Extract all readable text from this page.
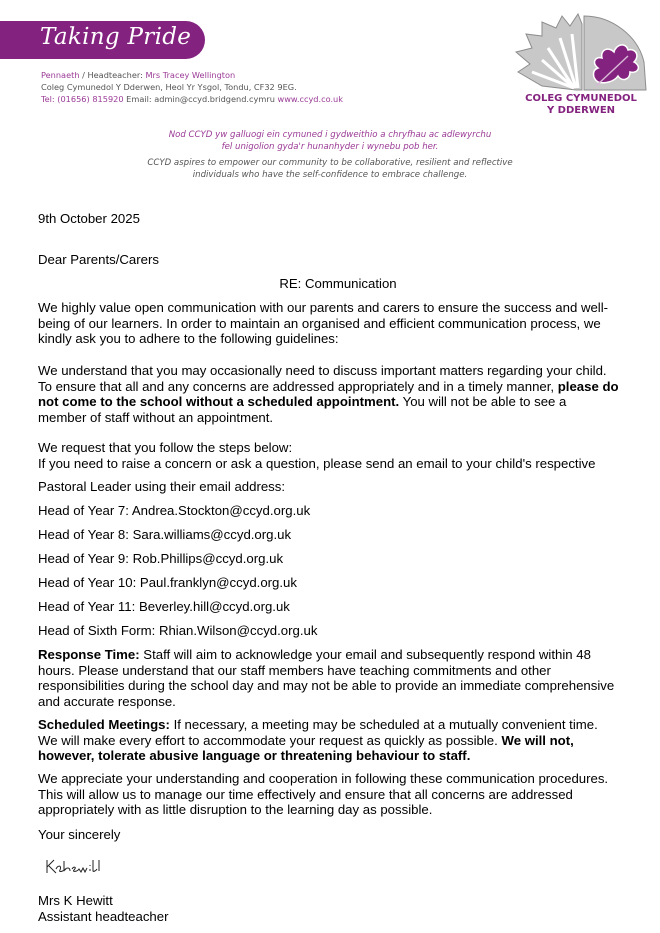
Taking Pride
Pennaeth / Headteacher: Mrs Tracey Wellington
Coleg Cymunedol Y Dderwen, Heol Yr Ysgol, Tondu, CF32 9EG.
Tel: (01656) 815920 Email: admin@ccyd.bridgend.cymru www.ccyd.co.uk	COLEG CYMUNEDOL
Y DDERWEN
Nod CCYD yw galluogi ein cymuned i gydweithio a chryfhau ac adlewyrchu
fel unigolion gyda'r hunanhyder i wynebu pob her.
CCYD aspires to empower our community to be collaborative, resilient and reflective
individuals who have the self-confidence to embrace challenge.
9th October 2025
Dear Parents/Carers
RE: Communication
We highly value open communication with our parents and carers to ensure the success and well-
being of our learners. In order to maintain an organised and efficient communication process, we
kindly ask you to adhere to the following guidelines:
We understand that you may occasionally need to discuss important matters regarding your child.
To ensure that all and any concerns are addressed appropriately and in a timely manner, please do
not come to the school without a scheduled appointment. You will not be able to see a
member of staff without an appointment.
We request that you follow the steps below:
If you need to raise a concern or ask a question, please send an email to your child's respective
Pastoral Leader using their email address:
Head of Year 7: Andrea.Stockton@ccyd.org.uk
Head of Year 8: Sara.williams@ccyd.org.uk
Head of Year 9: Rob.Phillips@ccyd.org.uk
Head of Year 10: Paul.franklyn@ccyd.org.uk
Head of Year 11: Beverley.hill@ccyd.org.uk
Head of Sixth Form: Rhian.Wilson@ccyd.org.uk
Response Time: Staff will aim to acknowledge your email and subsequently respond within 48
hours. Please understand that our staff members have teaching commitments and other
responsibilities during the school day and may not be able to provide an immediate comprehensive
and accurate response.
Scheduled Meetings: If necessary, a meeting may be scheduled at a mutually convenient time.
We will make every effort to accommodate your request as quickly as possible. We will not,
however, tolerate abusive language or threatening behaviour to staff.
We appreciate your understanding and cooperation in following these communication procedures.
This will allow us to manage our time effectively and ensure that all concerns are addressed
appropriately with as little disruption to the learning day as possible.
Your sincerely
Mrs K Hewitt
Assistant headteacher
